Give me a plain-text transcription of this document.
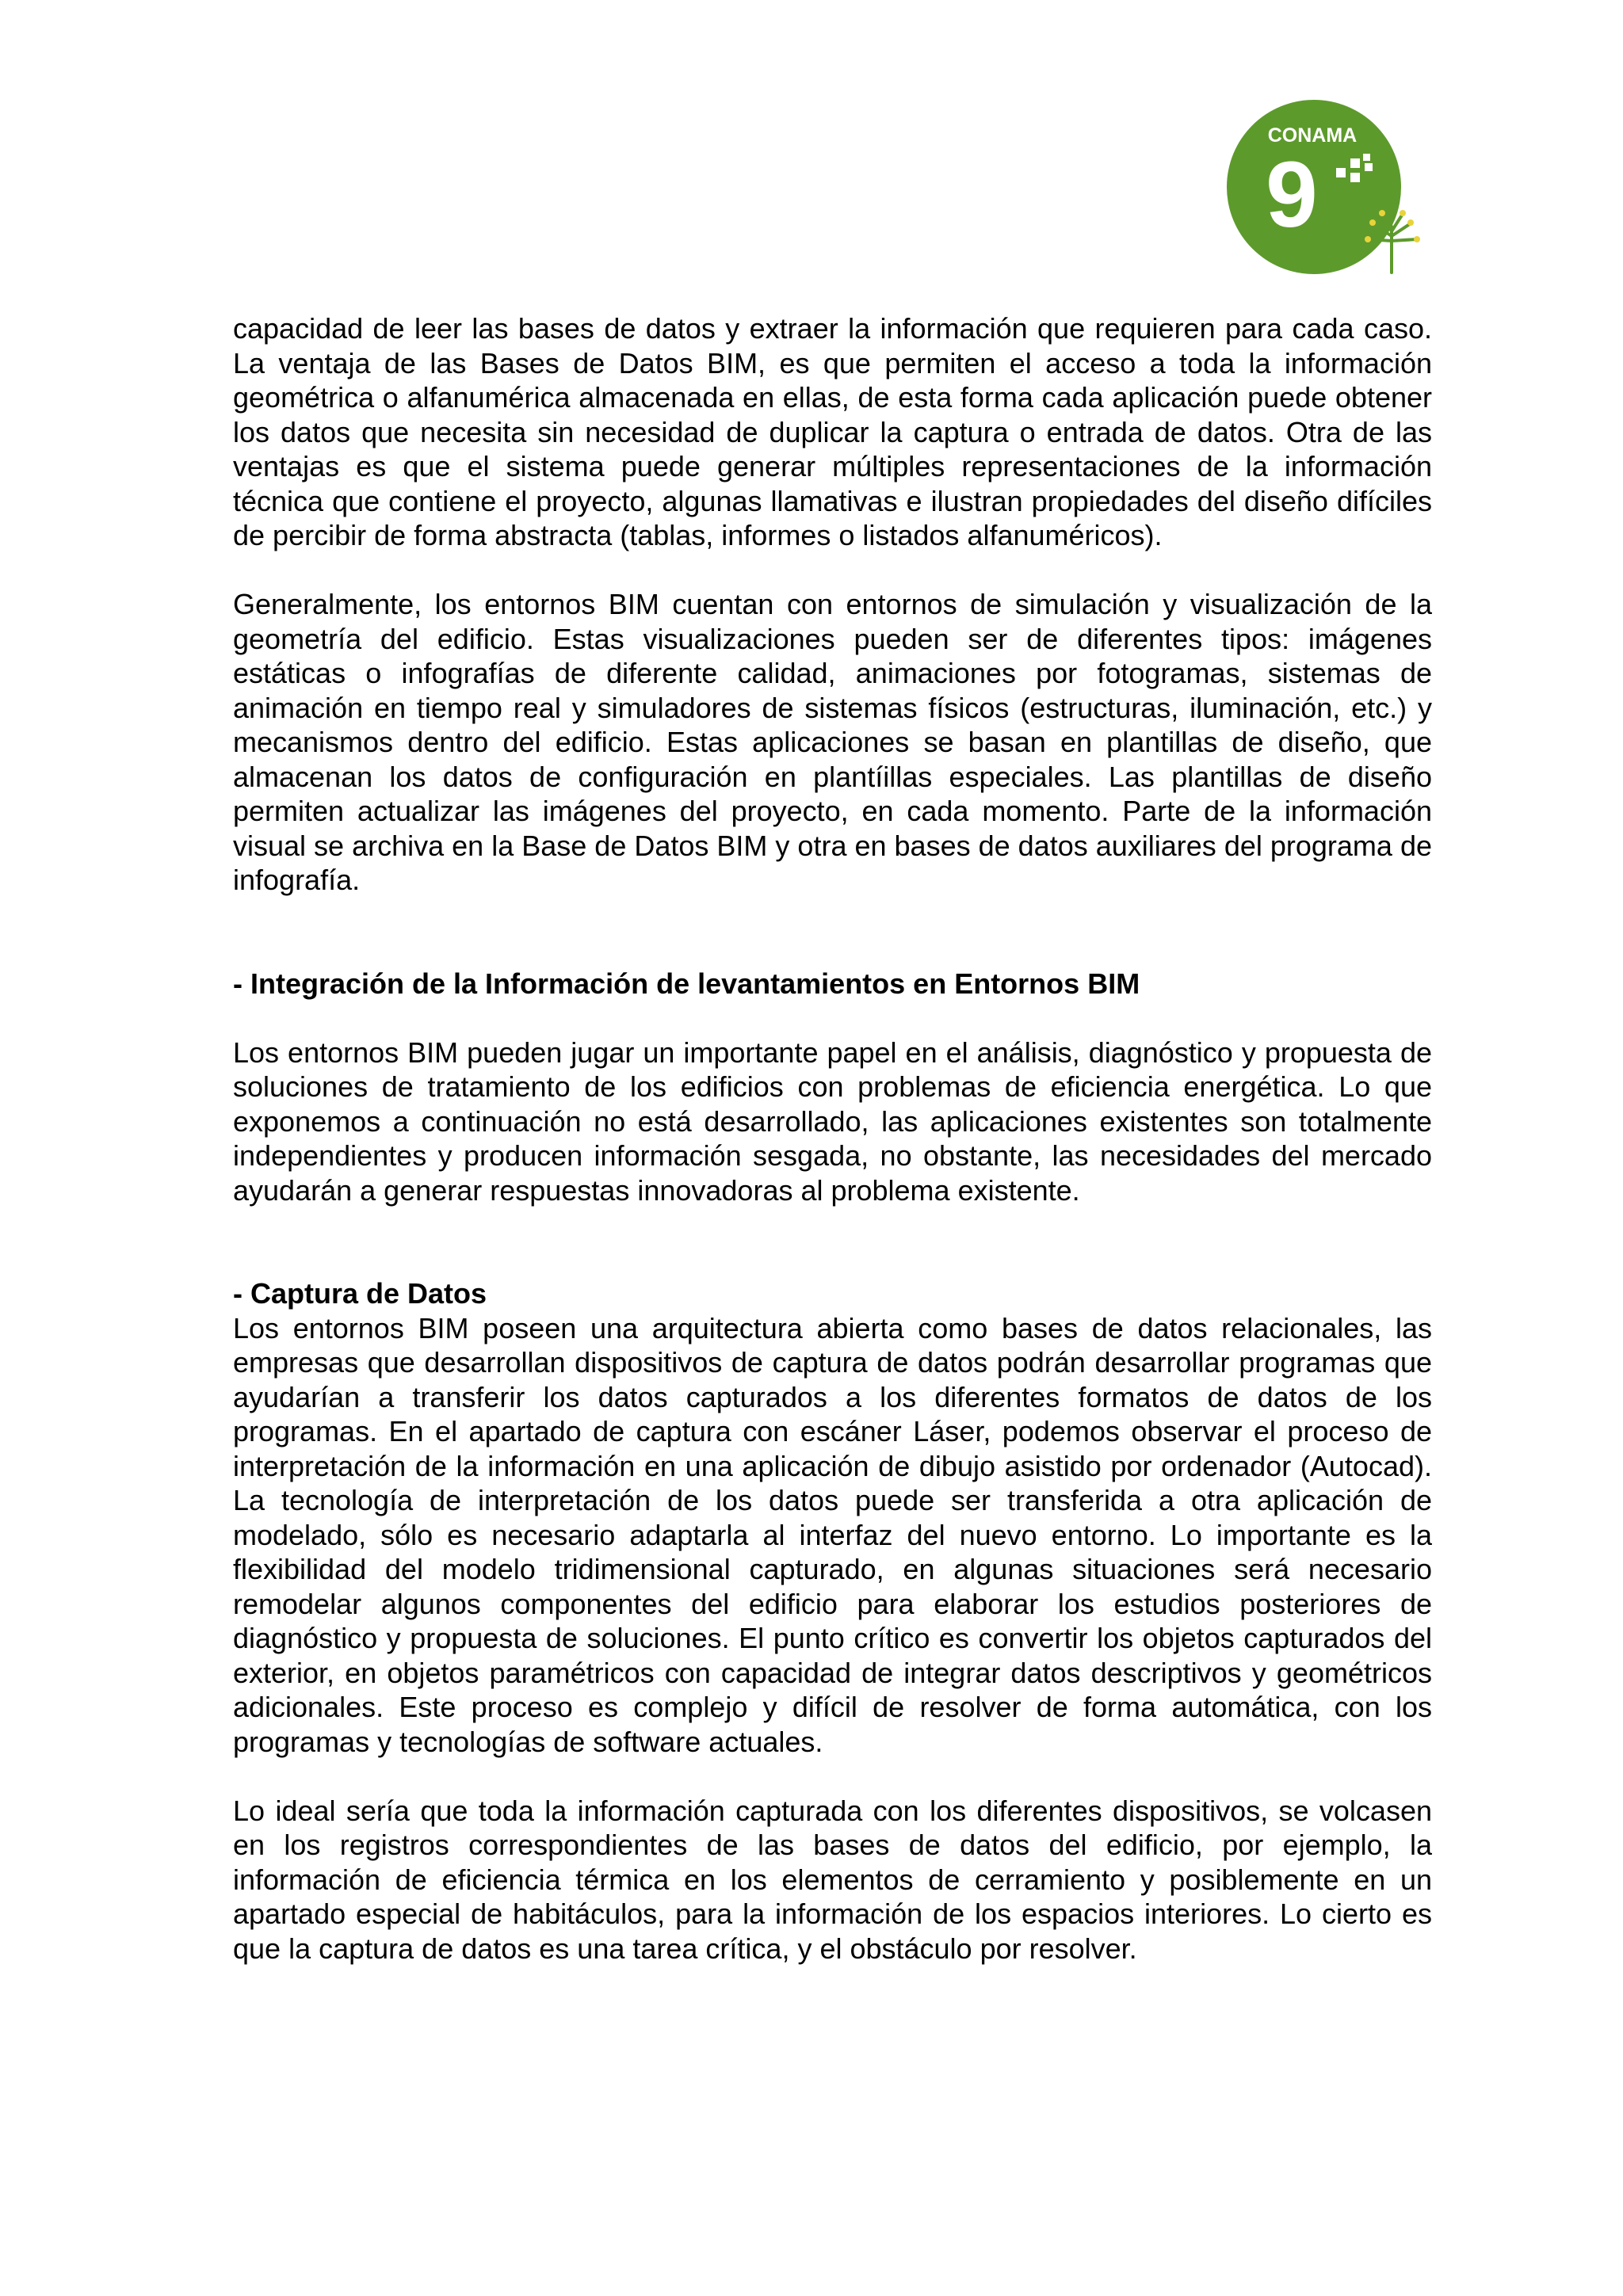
CONAMA
9

capacidad de leer las bases de datos y extraer la información que requieren para cada caso. La ventaja de las Bases de Datos BIM, es que permiten el acceso a toda la información geométrica o alfanumérica almacenada en ellas, de esta forma cada aplicación puede obtener los datos que necesita sin necesidad de duplicar la captura o entrada de datos. Otra de las ventajas es que el sistema puede generar múltiples representaciones de la información técnica que contiene el proyecto, algunas llamativas e ilustran propiedades del diseño difíciles de percibir de forma abstracta (tablas, informes o listados alfanuméricos).

Generalmente, los entornos BIM cuentan con entornos de simulación y visualización de la geometría del edificio. Estas visualizaciones pueden ser de diferentes tipos: imágenes estáticas o infografías de diferente calidad, animaciones por fotogramas, sistemas de animación en tiempo real y simuladores de sistemas físicos (estructuras, iluminación, etc.) y mecanismos dentro del edificio. Estas aplicaciones se basan en plantillas de diseño, que almacenan los datos de configuración en plantíillas especiales. Las plantillas de diseño permiten actualizar las imágenes del proyecto, en cada momento. Parte de la información visual se archiva en la Base de Datos BIM y otra en bases de datos auxiliares del programa de infografía.

- Integración de la Información de levantamientos en Entornos BIM

Los entornos BIM pueden jugar un importante papel en el análisis, diagnóstico y propuesta de soluciones de tratamiento de los edificios con problemas de eficiencia energética. Lo que exponemos a continuación no está desarrollado, las aplicaciones existentes son totalmente independientes y producen información sesgada, no obstante, las necesidades del mercado ayudarán a generar respuestas innovadoras al problema existente.

- Captura de Datos

Los entornos BIM poseen una arquitectura abierta como bases de datos relacionales, las empresas que desarrollan dispositivos de captura de datos podrán desarrollar programas que ayudarían a transferir los datos capturados a los diferentes formatos de datos de los programas. En el apartado de captura con escáner Láser, podemos observar el proceso de interpretación de la información en una aplicación de dibujo asistido por ordenador (Autocad). La tecnología de interpretación de los datos puede ser transferida a otra aplicación de modelado, sólo es necesario adaptarla al interfaz del nuevo entorno. Lo importante es la flexibilidad del modelo tridimensional capturado, en algunas situaciones será necesario remodelar algunos componentes del edificio para elaborar los estudios posteriores de diagnóstico y propuesta de soluciones. El punto crítico es convertir los objetos capturados del exterior, en objetos paramétricos con capacidad de integrar datos descriptivos y geométricos adicionales. Este proceso es complejo y difícil de resolver de forma automática, con los programas y tecnologías de software actuales.

Lo ideal sería que toda la información capturada con los diferentes dispositivos, se volcasen en los registros correspondientes de las bases de datos del edificio, por ejemplo, la información de eficiencia térmica en los elementos de cerramiento y posiblemente en un apartado especial de habitáculos, para la información de los espacios interiores. Lo cierto es que la captura de datos es una tarea crítica, y el obstáculo por resolver.
